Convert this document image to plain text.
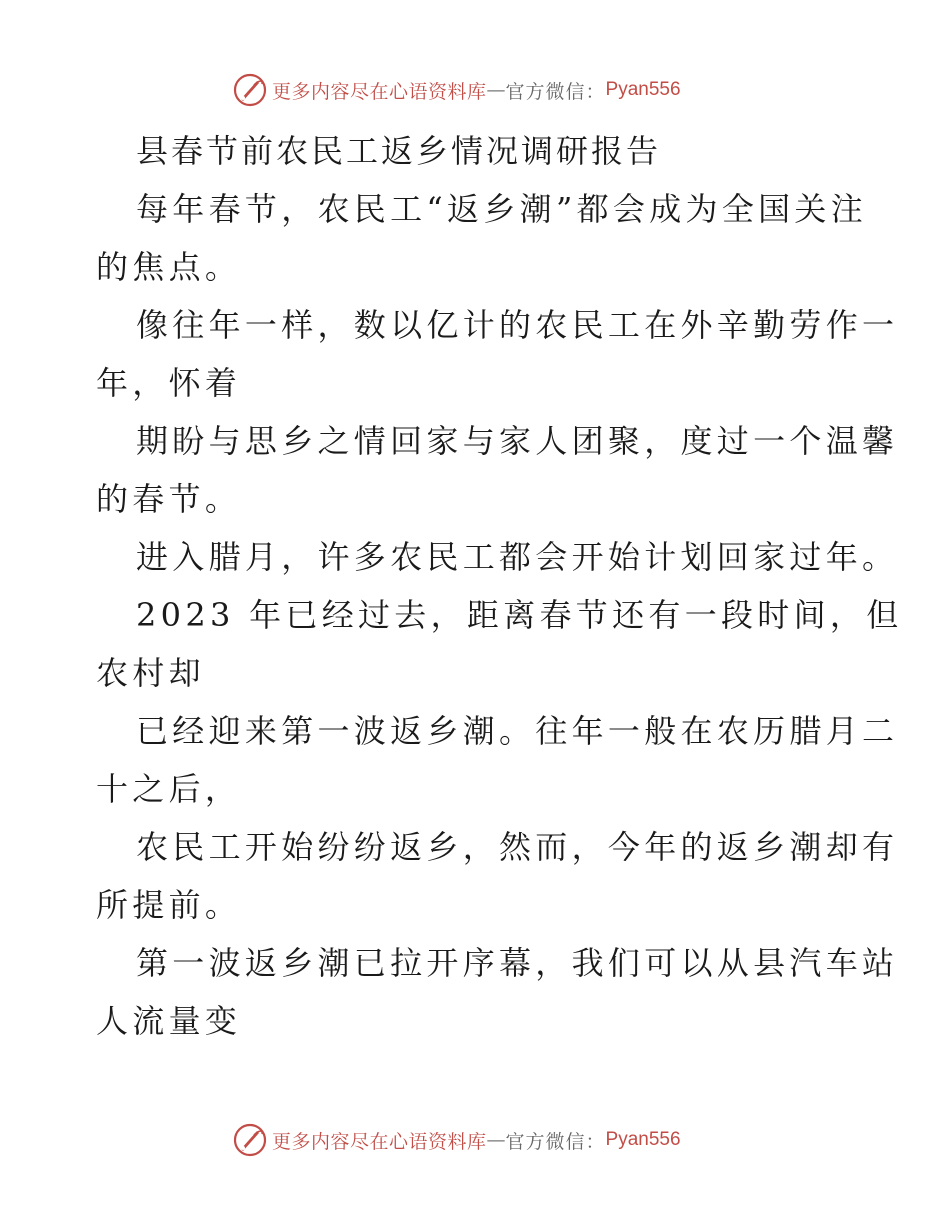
更多内容尽在心语资料库 — 官方微信： Pyan556
县春节前农民工返乡情况调研报告
每年春节，农民工“返乡潮”都会成为全国关注
的焦点。
像往年一样，数以亿计的农民工在外辛勤劳作一
年，怀着
期盼与思乡之情回家与家人团聚，度过一个温馨
的春节。
进入腊月，许多农民工都会开始计划回家过年。
2023 年已经过去，距离春节还有一段时间，但
农村却
已经迎来第一波返乡潮。往年一般在农历腊月二
十之后，
农民工开始纷纷返乡，然而，今年的返乡潮却有
所提前。
第一波返乡潮已拉开序幕，我们可以从县汽车站
人流量变
更多内容尽在心语资料库 — 官方微信： Pyan556
